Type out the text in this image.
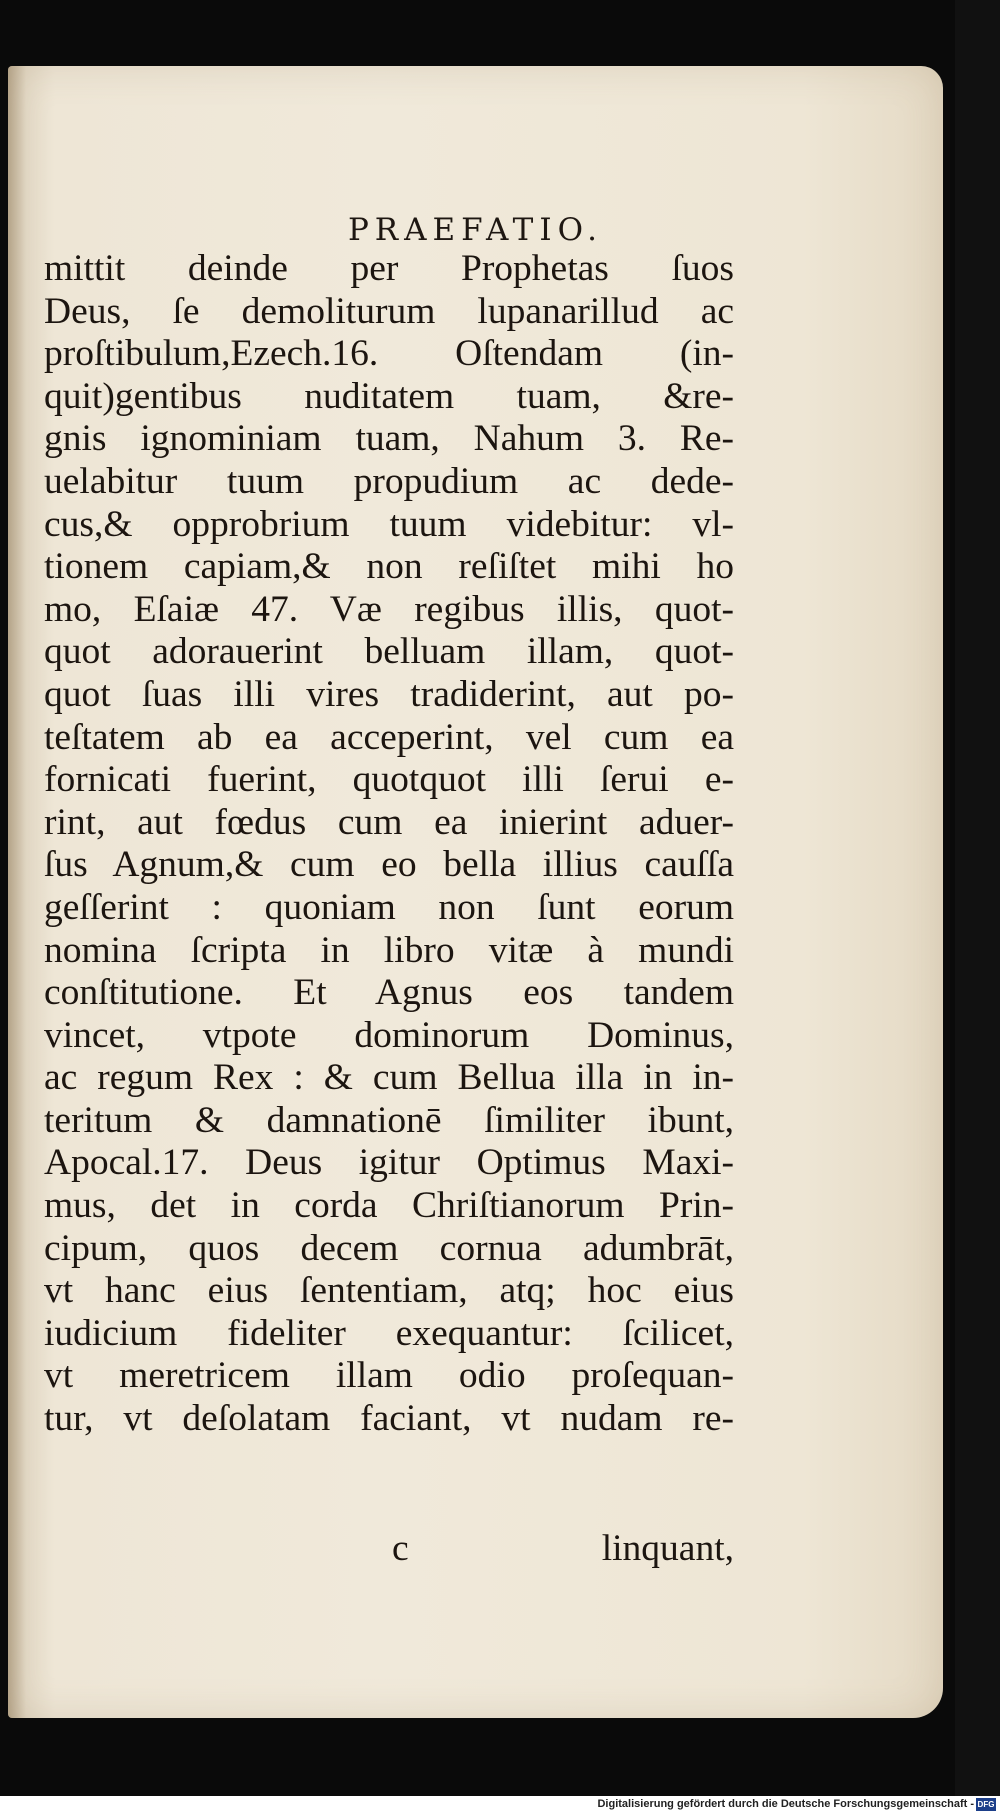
PRAEFATIO.
mittit deinde per Prophetas ſuos
Deus, ſe demoliturum lupanarillud ac
proſtibulum,Ezech.16. Oſtendam (in-
quit)gentibus nuditatem tuam, &re-
gnis ignominiam tuam, Nahum 3. Re-
uelabitur tuum propudium ac dede-
cus,& opprobrium tuum videbitur: vl-
tionem capiam,& non reſiſtet mihi ho
mo, Eſaiæ 47. Væ regibus illis, quot-
quot adorauerint belluam illam, quot-
quot ſuas illi vires tradiderint, aut po-
teſtatem ab ea acceperint, vel cum ea
fornicati fuerint, quotquot illi ſerui e-
rint, aut fœdus cum ea inierint aduer-
ſus Agnum,& cum eo bella illius cauſſa
geſſerint : quoniam non ſunt eorum
nomina ſcripta in libro vitæ à mundi
conſtitutione. Et Agnus eos tandem
vincet, vtpote dominorum Dominus,
ac regum Rex : & cum Bellua illa in in-
teritum & damnationē ſimiliter ibunt,
Apocal.17. Deus igitur Optimus Maxi-
mus, det in corda Chriſtianorum Prin-
cipum, quos decem cornua adumbrāt,
vt hanc eius ſententiam, atq; hoc eius
iudicium fideliter exequantur: ſcilicet,
vt meretricem illam odio proſequan-
tur, vt deſolatam faciant, vt nudam re-
c	linquant,
Digitalisierung gefördert durch die Deutsche Forschungsgemeinschaft - DFG
